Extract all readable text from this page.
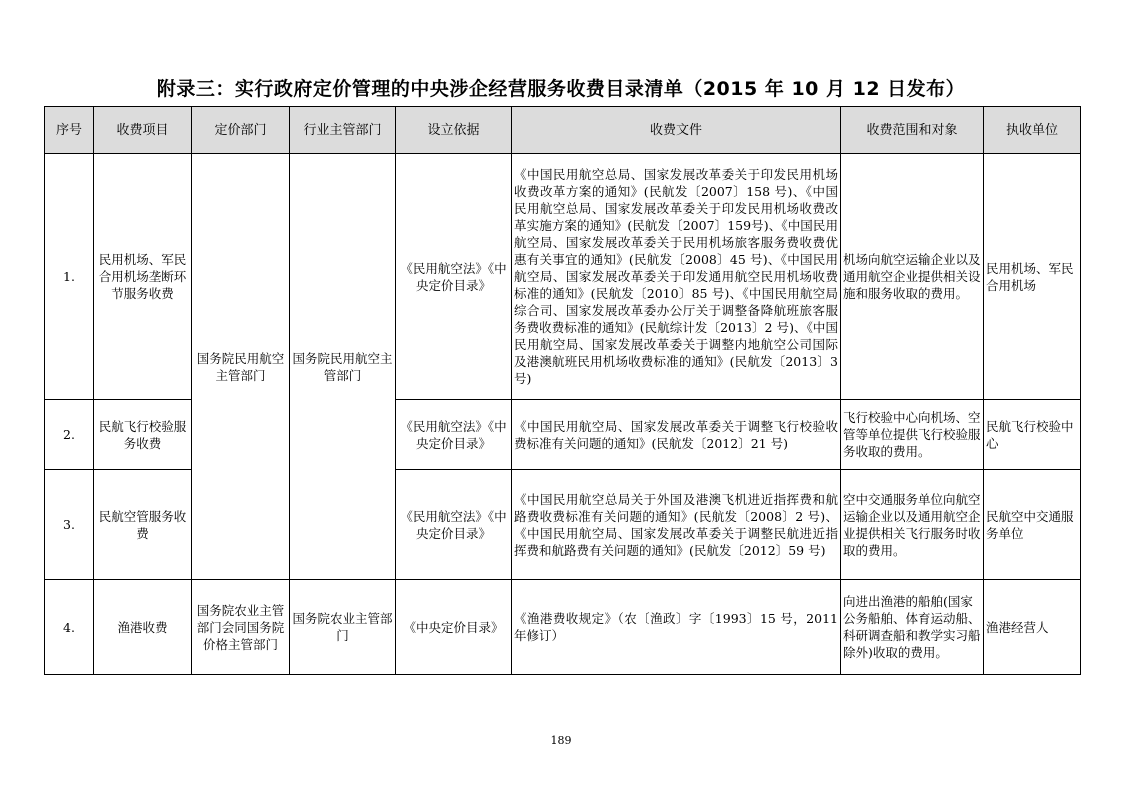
附录三：实行政府定价管理的中央涉企经营服务收费目录清单（2015 年 10 月 12 日发布）
序号	收费项目	定价部门	行业主管部门	设立依据	收费文件	收费范围和对象	执收单位
1.	民用机场、军民合用机场垄断环节服务收费	国务院民用航空主管部门	国务院民用航空主管部门	《民用航空法》《中央定价目录》	《中国民用航空总局、国家发展改革委关于印发民用机场收费改革方案的通知》(民航发〔2007〕158 号)、《中国民用航空总局、国家发展改革委关于印发民用机场收费改革实施方案的通知》(民航发〔2007〕159号)、《中国民用航空局、国家发展改革委关于民用机场旅客服务费收费优惠有关事宜的通知》(民航发〔2008〕45 号)、《中国民用航空局、国家发展改革委关于印发通用航空民用机场收费标准的通知》(民航发〔2010〕85 号)、《中国民用航空局综合司、国家发展改革委办公厅关于调整备降航班旅客服务费收费标准的通知》(民航综计发〔2013〕2 号)、《中国民用航空局、国家发展改革委关于调整内地航空公司国际及港澳航班民用机场收费标准的通知》(民航发〔2013〕3 号)	机场向航空运输企业以及通用航空企业提供相关设施和服务收取的费用。	民用机场、军民合用机场
2.	民航飞行校验服务收费			《民用航空法》《中央定价目录》	《中国民用航空局、国家发展改革委关于调整飞行校验收费标准有关问题的通知》(民航发〔2012〕21 号)	飞行校验中心向机场、空管等单位提供飞行校验服务收取的费用。	民航飞行校验中心
3.	民航空管服务收费			《民用航空法》《中央定价目录》	《中国民用航空总局关于外国及港澳飞机进近指挥费和航路费收费标准有关问题的通知》(民航发〔2008〕2 号)、《中国民用航空局、国家发展改革委关于调整民航进近指挥费和航路费有关问题的通知》(民航发〔2012〕59 号)	空中交通服务单位向航空运输企业以及通用航空企业提供相关飞行服务时收取的费用。	民航空中交通服务单位
4.	渔港收费	国务院农业主管部门会同国务院价格主管部门	国务院农业主管部门	《中央定价目录》	《渔港费收规定》（农〔渔政〕字〔1993〕15 号，2011年修订）	向进出渔港的船舶(国家公务船舶、体育运动船、科研调查船和教学实习船除外)收取的费用。	渔港经营人
189
